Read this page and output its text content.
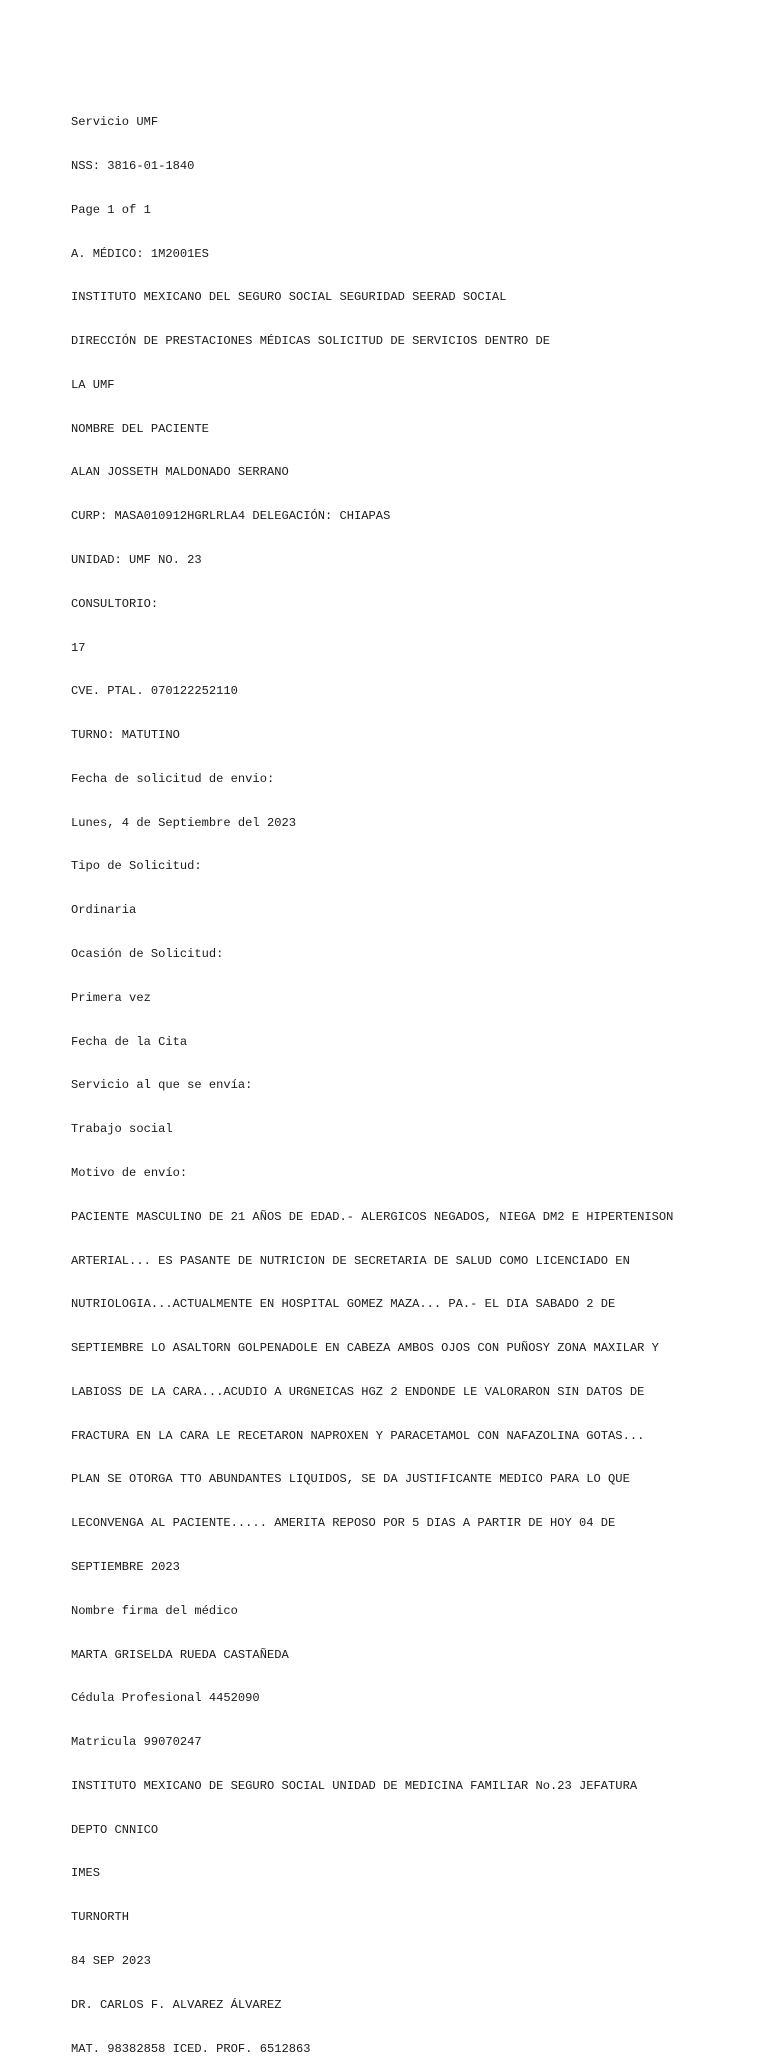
Servicio UMF

NSS: 3816-01-1840

Page 1 of 1

A. MÉDICO: 1M2001ES

INSTITUTO MEXICANO DEL SEGURO SOCIAL SEGURIDAD SEERAD SOCIAL

DIRECCIÓN DE PRESTACIONES MÉDICAS SOLICITUD DE SERVICIOS DENTRO DE

LA UMF

NOMBRE DEL PACIENTE

ALAN JOSSETH MALDONADO SERRANO

CURP: MASA010912HGRLRLA4 DELEGACIÓN: CHIAPAS

UNIDAD: UMF NO. 23

CONSULTORIO:

17

CVE. PTAL. 070122252110

TURNO: MATUTINO

Fecha de solicitud de envio:

Lunes, 4 de Septiembre del 2023

Tipo de Solicitud:

Ordinaria

Ocasión de Solicitud:

Primera vez

Fecha de la Cita

Servicio al que se envía:

Trabajo social

Motivo de envío:

PACIENTE MASCULINO DE 21 AÑOS DE EDAD.- ALERGICOS NEGADOS, NIEGA DM2 E HIPERTENISON

ARTERIAL... ES PASANTE DE NUTRICION DE SECRETARIA DE SALUD COMO LICENCIADO EN

NUTRIOLOGIA...ACTUALMENTE EN HOSPITAL GOMEZ MAZA... PA.- EL DIA SABADO 2 DE

SEPTIEMBRE LO ASALTORN GOLPENADOLE EN CABEZA AMBOS OJOS CON PUÑOSY ZONA MAXILAR Y

LABIOSS DE LA CARA...ACUDIO A URGNEICAS HGZ 2 ENDONDE LE VALORARON SIN DATOS DE

FRACTURA EN LA CARA LE RECETARON NAPROXEN Y PARACETAMOL CON NAFAZOLINA GOTAS...

PLAN SE OTORGA TTO ABUNDANTES LIQUIDOS, SE DA JUSTIFICANTE MEDICO PARA LO QUE

LECONVENGA AL PACIENTE..... AMERITA REPOSO POR 5 DIAS A PARTIR DE HOY 04 DE

SEPTIEMBRE 2023

Nombre firma del médico

MARTA GRISELDA RUEDA CASTAÑEDA

Cédula Profesional 4452090

Matricula 99070247

INSTITUTO MEXICANO DE SEGURO SOCIAL UNIDAD DE MEDICINA FAMILIAR No.23 JEFATURA

DEPTO CNNICO

IMES

TURNORTH

84 SEP 2023

DR. CARLOS F. ALVAREZ ÁLVAREZ

MAT. 98382858 ICED. PROF. 6512863
